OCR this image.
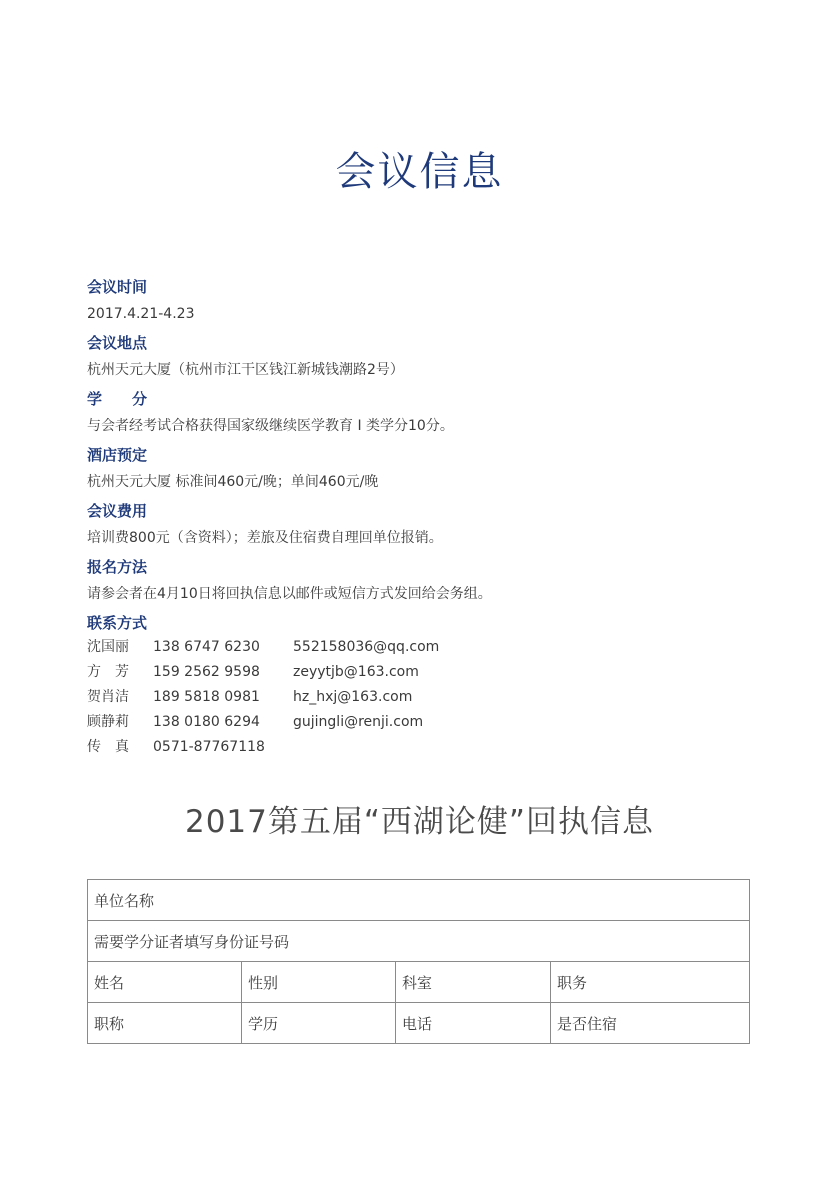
会议信息
会议时间
2017.4.21-4.23
会议地点
杭州天元大厦（杭州市江干区钱江新城钱潮路2号）
学　　分
与会者经考试合格获得国家级继续医学教育 Ⅰ 类学分10分。
酒店预定
杭州天元大厦 标准间460元/晚；单间460元/晚
会议费用
培训费800元（含资料）；差旅及住宿费自理回单位报销。
报名方法
请参会者在4月10日将回执信息以邮件或短信方式发回给会务组。
联系方式
沈国丽 138 6747 6230 552158036@qq.com
方　芳 159 2562 9598 zeyytjb@163.com
贺肖洁 189 5818 0981 hz_hxj@163.com
顾静莉 138 0180 6294 gujingli@renji.com
传　真 0571-87767118
2017第五届“西湖论健”回执信息
单位名称			
需要学分证者填写身份证号码			
姓名	性别	科室	职务
职称	学历	电话	是否住宿
